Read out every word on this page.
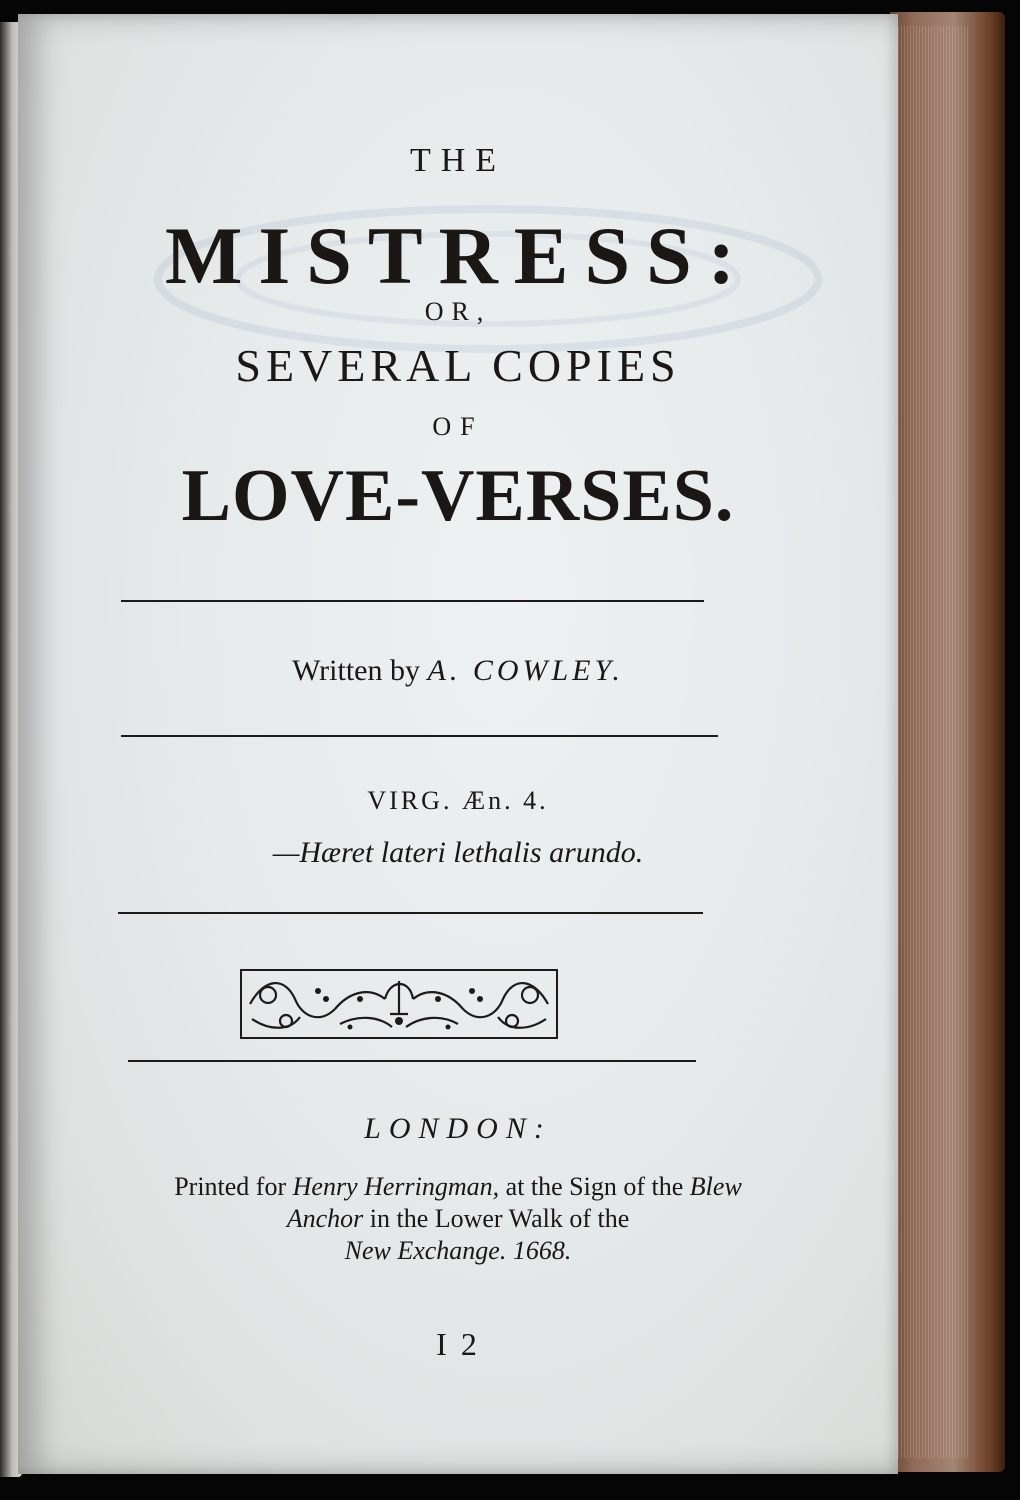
THE
MISTRESS:
OR,
SEVERAL COPIES
OF
LOVE-VERSES.
Written by A. COWLEY.
VIRG. Æn. 4.
—Hæret lateri lethalis arundo.
LONDON:
Printed for Henry Herringman, at the Sign of the Blew
Anchor in the Lower Walk of the
New Exchange. 1668.
I 2
